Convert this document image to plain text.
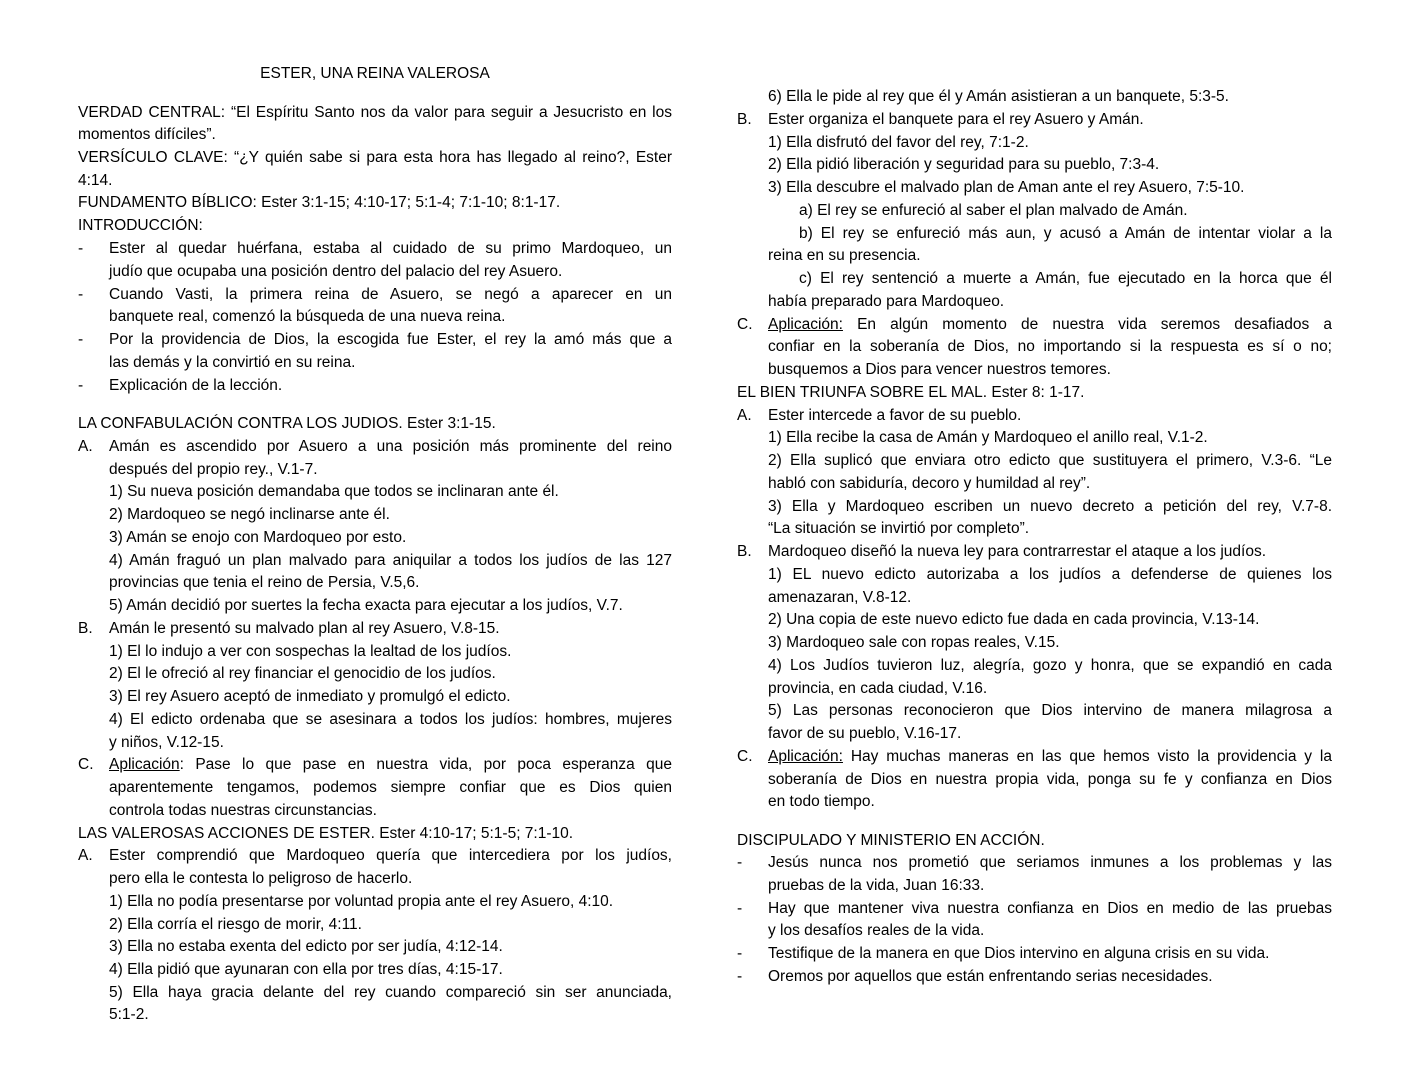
ESTER, UNA REINA VALEROSA
VERDAD CENTRAL: “El Espíritu Santo nos da valor para seguir a Jesucristo en los
momentos difíciles”.
VERSÍCULO CLAVE: “¿Y quién sabe si para esta hora has llegado al reino?, Ester
4:14.
FUNDAMENTO BÍBLICO: Ester 3:1-15; 4:10-17; 5:1-4; 7:1-10; 8:1-17.
INTRODUCCIÓN:
- Ester al quedar huérfana, estaba al cuidado de su primo Mardoqueo, un
judío que ocupaba una posición dentro del palacio del rey Asuero.
- Cuando Vasti, la primera reina de Asuero, se negó a aparecer en un
banquete real, comenzó la búsqueda de una nueva reina.
- Por la providencia de Dios, la escogida fue Ester, el rey la amó más que a
las demás y la convirtió en su reina.
- Explicación de la lección.
LA CONFABULACIÓN CONTRA LOS JUDIOS. Ester 3:1-15.
A. Amán es ascendido por Asuero a una posición más prominente del reino
después del propio rey., V.1-7.
1) Su nueva posición demandaba que todos se inclinaran ante él.
2) Mardoqueo se negó inclinarse ante él.
3) Amán se enojo con Mardoqueo por esto.
4) Amán fraguó un plan malvado para aniquilar a todos los judíos de las 127
provincias que tenia el reino de Persia, V.5,6.
5) Amán decidió por suertes la fecha exacta para ejecutar a los judíos, V.7.
B. Amán le presentó su malvado plan al rey Asuero, V.8-15.
1) El lo indujo a ver con sospechas la lealtad de los judíos.
2) El le ofreció al rey financiar el genocidio de los judíos.
3) El rey Asuero aceptó de inmediato y promulgó el edicto.
4) El edicto ordenaba que se asesinara a todos los judíos: hombres, mujeres
y niños, V.12-15.
C. Aplicación: Pase lo que pase en nuestra vida, por poca esperanza que
aparentemente tengamos, podemos siempre confiar que es Dios quien
controla todas nuestras circunstancias.
LAS VALEROSAS ACCIONES DE ESTER. Ester 4:10-17; 5:1-5; 7:1-10.
A. Ester comprendió que Mardoqueo quería que intercediera por los judíos,
pero ella le contesta lo peligroso de hacerlo.
1) Ella no podía presentarse por voluntad propia ante el rey Asuero, 4:10.
2) Ella corría el riesgo de morir, 4:11.
3) Ella no estaba exenta del edicto por ser judía, 4:12-14.
4) Ella pidió que ayunaran con ella por tres días, 4:15-17.
5) Ella haya gracia delante del rey cuando compareció sin ser anunciada,
5:1-2.
6) Ella le pide al rey que él y Amán asistieran a un banquete, 5:3-5.
B. Ester organiza el banquete para el rey Asuero y Amán.
1) Ella disfrutó del favor del rey, 7:1-2.
2) Ella pidió liberación y seguridad para su pueblo, 7:3-4.
3) Ella descubre el malvado plan de Aman ante el rey Asuero, 7:5-10.
a) El rey se enfureció al saber el plan malvado de Amán.
b) El rey se enfureció más aun, y acusó a Amán de intentar violar a la
reina en su presencia.
c) El rey sentenció a muerte a Amán, fue ejecutado en la horca que él
había preparado para Mardoqueo.
C. Aplicación: En algún momento de nuestra vida seremos desafiados a
confiar en la soberanía de Dios, no importando si la respuesta es sí o no;
busquemos a Dios para vencer nuestros temores.
EL BIEN TRIUNFA SOBRE EL MAL. Ester 8: 1-17.
A. Ester intercede a favor de su pueblo.
1) Ella recibe la casa de Amán y Mardoqueo el anillo real, V.1-2.
2) Ella suplicó que enviara otro edicto que sustituyera el primero, V.3-6. “Le
habló con sabiduría, decoro y humildad al rey”.
3) Ella y Mardoqueo escriben un nuevo decreto a petición del rey, V.7-8.
“La situación se invirtió por completo”.
B. Mardoqueo diseñó la nueva ley para contrarrestar el ataque a los judíos.
1) EL nuevo edicto autorizaba a los judíos a defenderse de quienes los
amenazaran, V.8-12.
2) Una copia de este nuevo edicto fue dada en cada provincia, V.13-14.
3) Mardoqueo sale con ropas reales, V.15.
4) Los Judíos tuvieron luz, alegría, gozo y honra, que se expandió en cada
provincia, en cada ciudad, V.16.
5) Las personas reconocieron que Dios intervino de manera milagrosa a
favor de su pueblo, V.16-17.
C. Aplicación: Hay muchas maneras en las que hemos visto la providencia y la
soberanía de Dios en nuestra propia vida, ponga su fe y confianza en Dios
en todo tiempo.
DISCIPULADO Y MINISTERIO EN ACCIÓN.
- Jesús nunca nos prometió que seriamos inmunes a los problemas y las
pruebas de la vida, Juan 16:33.
- Hay que mantener viva nuestra confianza en Dios en medio de las pruebas
y los desafíos reales de la vida.
- Testifique de la manera en que Dios intervino en alguna crisis en su vida.
- Oremos por aquellos que están enfrentando serias necesidades.
